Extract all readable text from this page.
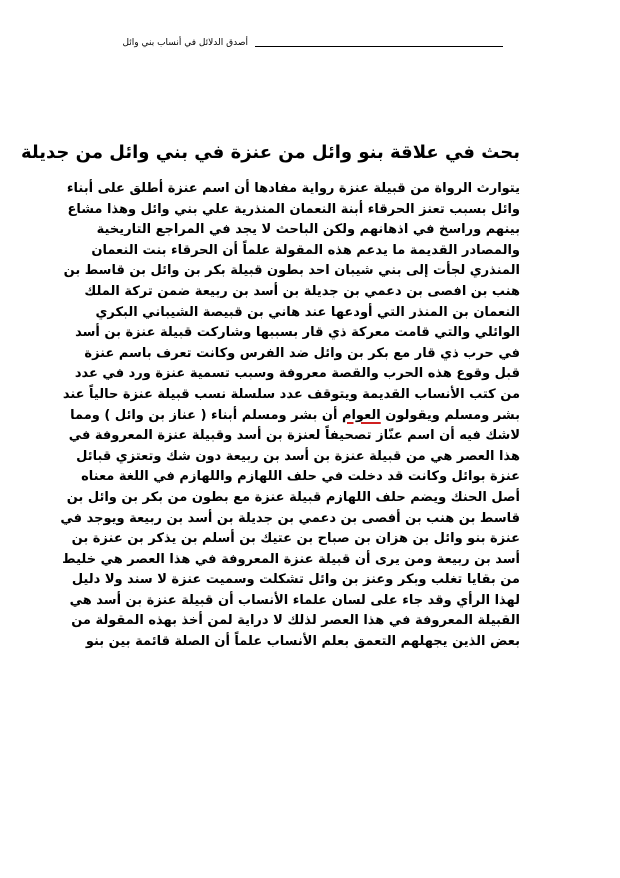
أصدق الدلائل في أنساب بني وائل
بحث في علاقة بنو وائل من عنزة في بني وائل من جديلة
يتوارث الرواة من قبيلة عنزة رواية مفادها أن اسم عنزة أطلق على أبناء
وائل بسبب تعنز الحرقاء أبنة النعمان المنذرية علي بني وائل وهذا مشاع
بينهم وراسخ في اذهانهم ولكن الباحث لا يجد في المراجع التاريخية
والمصادر القديمة ما يدعم هذه المقولة علماً أن الحرقاء بنت النعمان
المنذري لجأت إلى بني شيبان احد بطون قبيلة بكر بن وائل بن قاسط بن
هنب بن افصى بن دعمي بن جديلة بن أسد بن ربيعة ضمن تركة الملك
النعمان بن المنذر التي أودعها عند هاني بن قبيصة الشيباني البكري
الوائلي والتي قامت معركة ذي قار بسببها وشاركت قبيلة عنزة بن أسد
في حرب ذي قار مع بكر بن وائل ضد الفرس وكانت تعرف باسم عنزة
قبل وقوع هذه الحرب والقصة معروفة وسبب تسمية عنزة ورد في عدد
من كتب الأنساب القديمة ويتوقف عدد سلسلة نسب قبيلة عنزة حالياً عند
بشر ومسلم ويقولون العوام أن بشر ومسلم أبناء ( عناز بن وائل ) ومما
لاشك فيه أن اسم عنّاز تصحيفاً لعنزة بن أسد وقبيلة عنزة المعروفة في
هذا العصر هي من قبيلة عنزة بن أسد بن ربيعة دون شك وتعتزي قبائل
عنزة بوائل وكانت قد دخلت في حلف اللهازم واللهازم في اللغة معناه
أصل الحنك ويضم حلف اللهازم قبيلة عنزة مع بطون من بكر بن وائل بن
قاسط بن هنب بن أفصى بن دعمي بن جديلة بن أسد بن ربيعة ويوجد في
عنزة بنو وائل بن هزان بن صباح بن عتيك بن أسلم بن يذكر بن عنزة بن
أسد بن ربيعة ومن يرى أن قبيلة عنزة المعروفة في هذا العصر هي خليط
من بقايا تغلب وبكر وعنز بن وائل تشكلت وسميت عنزة لا سند ولا دليل
لهذا الرأي وقد جاء على لسان علماء الأنساب أن قبيلة عنزة بن أسد هي
القبيلة المعروفة في هذا العصر لذلك لا دراية لمن أخذ بهذه المقولة من
بعض الذين يجهلهم التعمق بعلم الأنساب علماً أن الصلة قائمة بين بنو
